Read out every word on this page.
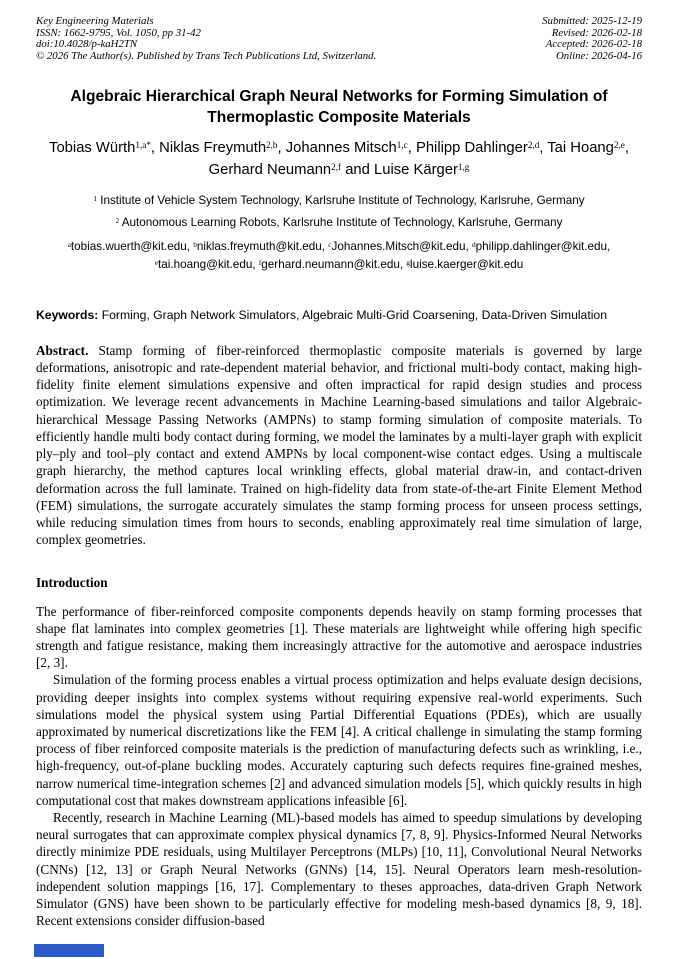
Key Engineering Materials
ISSN: 1662-9795, Vol. 1050, pp 31-42
doi:10.4028/p-kaH2TN
© 2026 The Author(s). Published by Trans Tech Publications Ltd, Switzerland.
Submitted: 2025-12-19
Revised: 2026-02-18
Accepted: 2026-02-18
Online: 2026-04-16
Algebraic Hierarchical Graph Neural Networks for Forming Simulation of Thermoplastic Composite Materials
Tobias Würth$^{1,a*}$, Niklas Freymuth$^{2,b}$, Johannes Mitsch$^{1,c}$, Philipp Dahlinger$^{2,d}$, Tai Hoang$^{2,e}$, Gerhard Neumann$^{2,f}$ and Luise Kärger$^{1,g}$
$^1$ Institute of Vehicle System Technology, Karlsruhe Institute of Technology, Karlsruhe, Germany
$^2$ Autonomous Learning Robots, Karlsruhe Institute of Technology, Karlsruhe, Germany
$^a$tobias.wuerth@kit.edu, $^b$niklas.freymuth@kit.edu, $^c$Johannes.Mitsch@kit.edu, $^d$philipp.dahlinger@kit.edu, $^e$tai.hoang@kit.edu, $^f$gerhard.neumann@kit.edu, $^g$luise.kaerger@kit.edu

Keywords: Forming, Graph Network Simulators, Algebraic Multi-Grid Coarsening, Data-Driven Simulation

Abstract. Stamp forming of fiber-reinforced thermoplastic composite materials is governed by large deformations, anisotropic and rate-dependent material behavior, and frictional multi-body contact, making high-fidelity finite element simulations expensive and often impractical for rapid design studies and process optimization. We leverage recent advancements in Machine Learning-based simulations and tailor Algebraic-hierarchical Message Passing Networks (AMPNs) to stamp forming simulation of composite materials. To efficiently handle multi body contact during forming, we model the laminates by a multi-layer graph with explicit ply–ply and tool–ply contact and extend AMPNs by local component-wise contact edges. Using a multiscale graph hierarchy, the method captures local wrinkling effects, global material draw-in, and contact-driven deformation across the full laminate. Trained on high-fidelity data from state-of-the-art Finite Element Method (FEM) simulations, the surrogate accurately simulates the stamp forming process for unseen process settings, while reducing simulation times from hours to seconds, enabling approximately real time simulation of large, complex geometries.

Introduction

The performance of fiber-reinforced composite components depends heavily on stamp forming processes that shape flat laminates into complex geometries [1]. These materials are lightweight while offering high specific strength and fatigue resistance, making them increasingly attractive for the automotive and aerospace industries [2, 3].

Simulation of the forming process enables a virtual process optimization and helps evaluate design decisions, providing deeper insights into complex systems without requiring expensive real-world experiments. Such simulations model the physical system using Partial Differential Equations (PDEs), which are usually approximated by numerical discretizations like the FEM [4]. A critical challenge in simulating the stamp forming process of fiber reinforced composite materials is the prediction of manufacturing defects such as wrinkling, i.e., high-frequency, out-of-plane buckling modes. Accurately capturing such defects requires fine-grained meshes, narrow numerical time-integration schemes [2] and advanced simulation models [5], which quickly results in high computational cost that makes downstream applications infeasible [6].

Recently, research in Machine Learning (ML)-based models has aimed to speedup simulations by developing neural surrogates that can approximate complex physical dynamics [7, 8, 9]. Physics-Informed Neural Networks directly minimize PDE residuals, using Multilayer Perceptrons (MLPs) [10, 11], Convolutional Neural Networks (CNNs) [12, 13] or Graph Neural Networks (GNNs) [14, 15]. Neural Operators learn mesh-resolution-independent solution mappings [16, 17]. Complementary to theses approaches, data-driven Graph Network Simulator (GNS) have been shown to be particularly effective for modeling mesh-based dynamics [8, 9, 18]. Recent extensions consider diffusion-based
